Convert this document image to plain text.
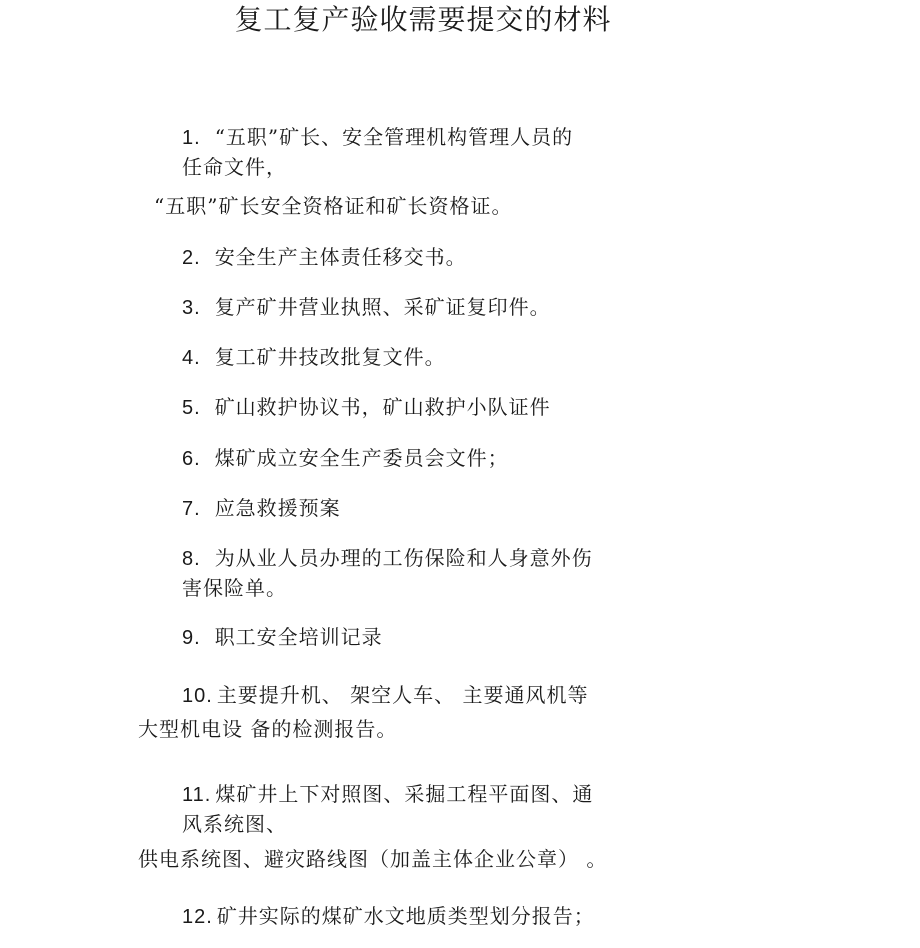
复工复产验收需要提交的材料
1. “五职”矿长、安全管理机构管理人员的
任命文件，
“五职”矿长安全资格证和矿长资格证。
2. 安全生产主体责任移交书。
3. 复产矿井营业执照、采矿证复印件。
4. 复工矿井技改批复文件。
5. 矿山救护协议书，矿山救护小队证件
6. 煤矿成立安全生产委员会文件；
7. 应急救援预案
8. 为从业人员办理的工伤保险和人身意外伤
害保险单。
9. 职工安全培训记录
10. 主要提升机、 架空人车、 主要通风机等
大型机电设 备的检测报告。
11. 煤矿井上下对照图、采掘工程平面图、通
风系统图、
供电系统图、避灾路线图（加盖主体企业公章） 。
12. 矿井实际的煤矿水文地质类型划分报告；
